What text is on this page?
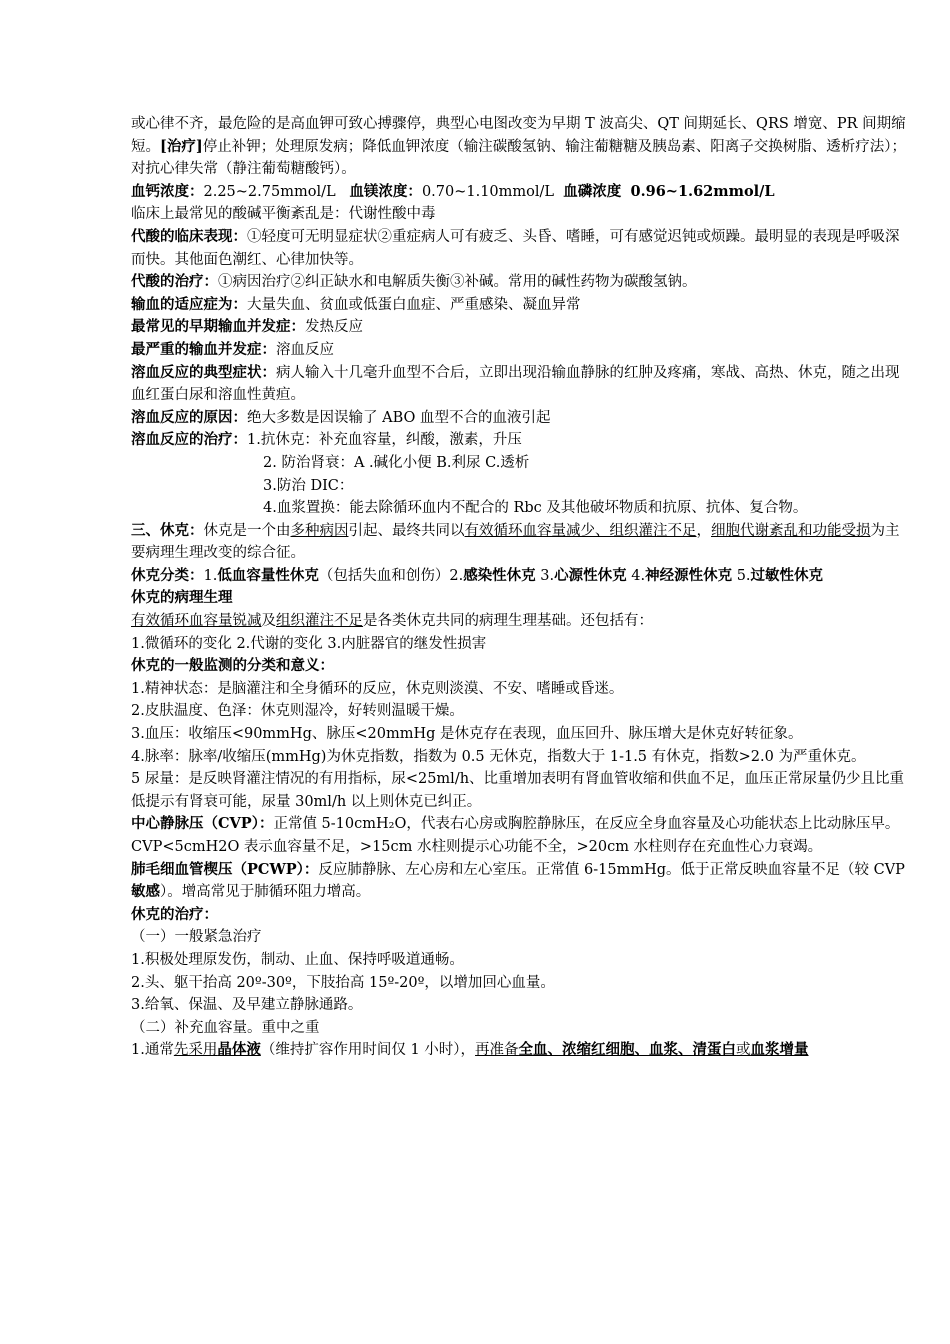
或心律不齐，最危险的是高血钾可致心搏骤停，典型心电图改变为早期 T 波高尖、QT 间期延长、QRS 增宽、PR 间期缩短。[治疗]停止补钾；处理原发病；降低血钾浓度（输注碳酸氢钠、输注葡糖糖及胰岛素、阳离子交换树脂、透析疗法）；对抗心律失常（静注葡萄糖酸钙）。

血钙浓度：2.25~2.75mmol/L 血镁浓度：0.70~1.10mmol/L 血磷浓度 0.96~1.62mmol/L

临床上最常见的酸碱平衡紊乱是：代谢性酸中毒

代酸的临床表现：①轻度可无明显症状②重症病人可有疲乏、头昏、嗜睡，可有感觉迟钝或烦躁。最明显的表现是呼吸深而快。其他面色潮红、心律加快等。

代酸的治疗：①病因治疗②纠正缺水和电解质失衡③补碱。常用的碱性药物为碳酸氢钠。

输血的适应症为：大量失血、贫血或低蛋白血症、严重感染、凝血异常

最常见的早期输血并发症：发热反应

最严重的输血并发症：溶血反应

溶血反应的典型症状：病人输入十几毫升血型不合后，立即出现沿输血静脉的红肿及疼痛，寒战、高热、休克，随之出现血红蛋白尿和溶血性黄疸。

溶血反应的原因：绝大多数是因误输了 ABO 血型不合的血液引起

溶血反应的治疗：1.抗休克：补充血容量，纠酸，激素，升压

2. 防治肾衰：A .碱化小便 B.利尿 C.透析

3.防治 DIC：

4.血浆置换：能去除循环血内不配合的 Rbc 及其他破坏物质和抗原、抗体、复合物。

三、休克：休克是一个由多种病因引起、最终共同以有效循环血容量减少、组织灌注不足，细胞代谢紊乱和功能受损为主要病理生理改变的综合征。

休克分类：1.低血容量性休克（包括失血和创伤）2.感染性休克 3.心源性休克 4.神经源性休克 5.过敏性休克

休克的病理生理

有效循环血容量锐减及组织灌注不足是各类休克共同的病理生理基础。还包括有：

1.微循环的变化 2.代谢的变化 3.内脏器官的继发性损害

休克的一般监测的分类和意义：

1.精神状态：是脑灌注和全身循环的反应，休克则淡漠、不安、嗜睡或昏迷。

2.皮肤温度、色泽：休克则湿冷，好转则温暖干燥。

3.血压：收缩压<90mmHg、脉压<20mmHg 是休克存在表现，血压回升、脉压增大是休克好转征象。

4.脉率：脉率/收缩压(mmHg)为休克指数，指数为 0.5 无休克，指数大于 1-1.5 有休克，指数>2.0 为严重休克。

5 尿量：是反映肾灌注情况的有用指标，尿<25ml/h、比重增加表明有肾血管收缩和供血不足，血压正常尿量仍少且比重低提示有肾衰可能，尿量 30ml/h 以上则休克已纠正。

中心静脉压（CVP）：正常值 5-10cmH₂O，代表右心房或胸腔静脉压，在反应全身血容量及心功能状态上比动脉压早。CVP<5cmH2O 表示血容量不足，>15cm 水柱则提示心功能不全，>20cm 水柱则存在充血性心力衰竭。

肺毛细血管楔压（PCWP）：反应肺静脉、左心房和左心室压。正常值 6-15mmHg。低于正常反映血容量不足（较 CVP 敏感）。增高常见于肺循环阻力增高。

休克的治疗：

（一）一般紧急治疗

1.积极处理原发伤，制动、止血、保持呼吸道通畅。

2.头、躯干抬高 20º-30º，下肢抬高 15º-20º，以增加回心血量。

3.给氧、保温、及早建立静脉通路。

（二）补充血容量。重中之重

1.通常先采用晶体液（维持扩容作用时间仅 1 小时），再准备全血、浓缩红细胞、血浆、清蛋白或血浆增量
